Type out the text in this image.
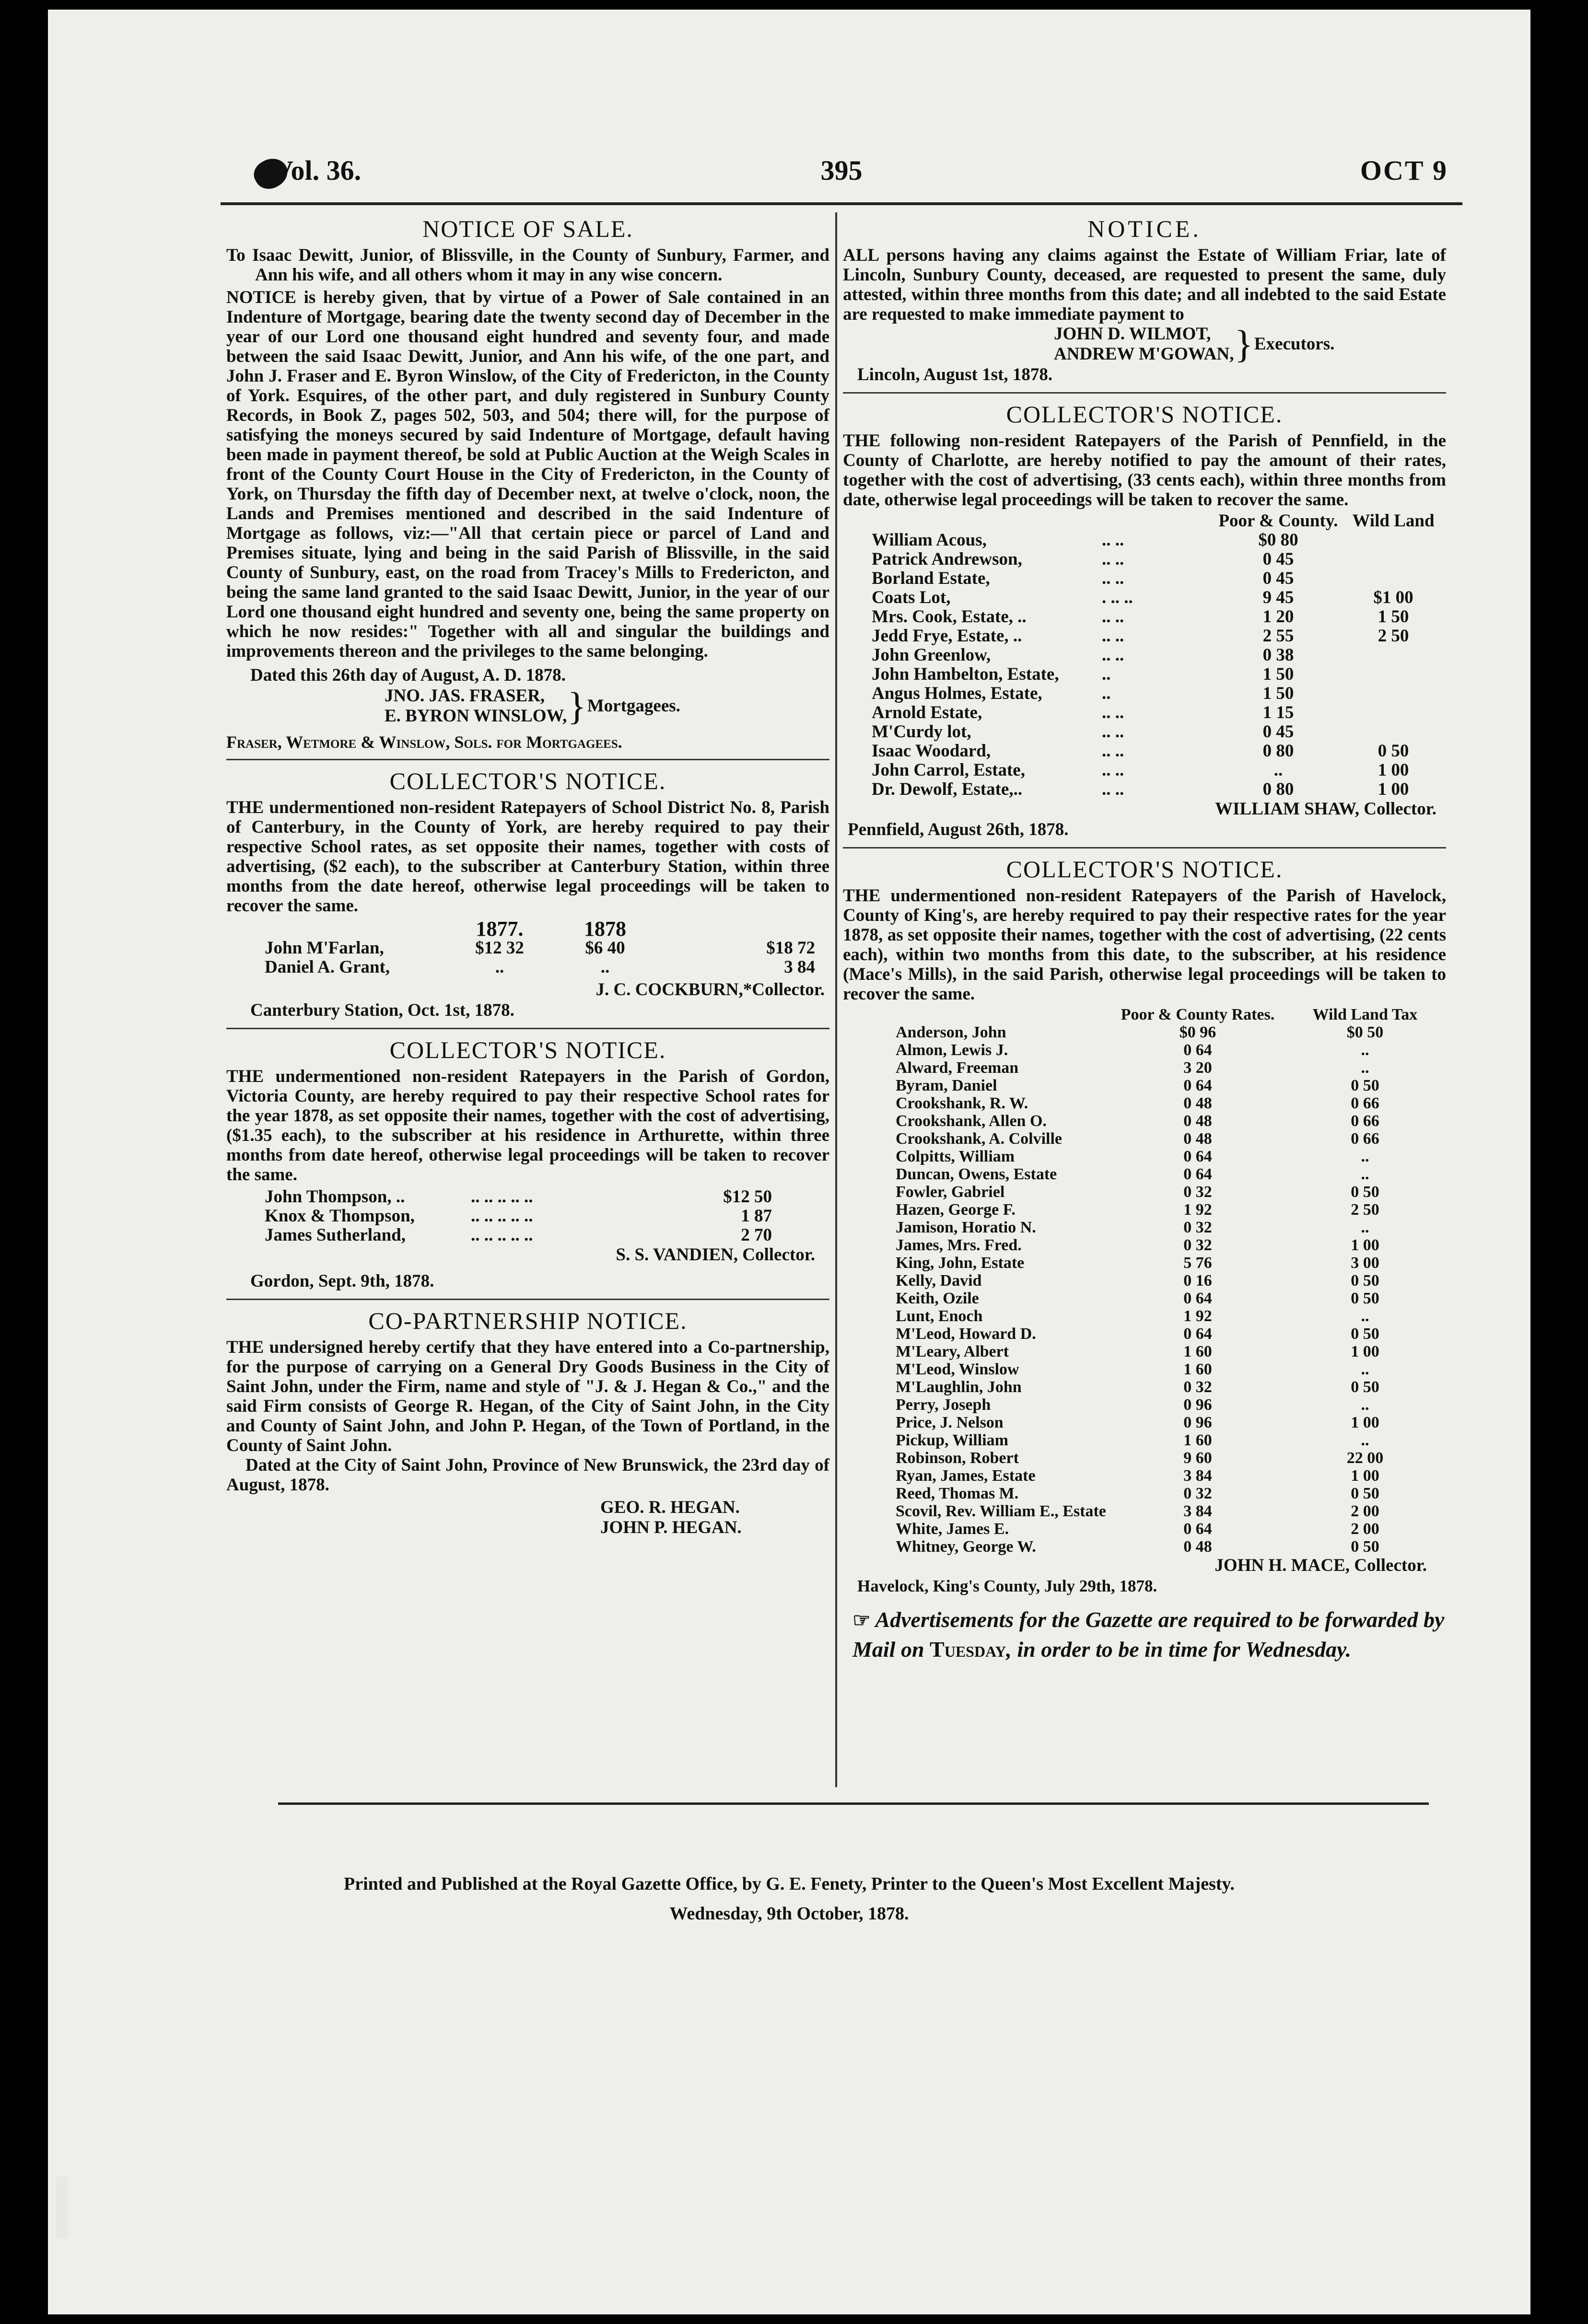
Vol. 36.	395	OCT 9
NOTICE OF SALE.

To Isaac Dewitt, Junior, of Blissville, in the County of Sunbury, Farmer, and Ann his wife, and all others whom it may in any wise concern.

NOTICE is hereby given, that by virtue of a Power of Sale contained in an Indenture of Mortgage, bearing date the twenty second day of December in the year of our Lord one thousand eight hundred and seventy four, and made between the said Isaac Dewitt, Junior, and Ann his wife, of the one part, and John J. Fraser and E. Byron Winslow, of the City of Fredericton, in the County of York. Esquires, of the other part, and duly registered in Sunbury County Records, in Book Z, pages 502, 503, and 504; there will, for the purpose of satisfying the moneys secured by said Indenture of Mortgage, default having been made in payment thereof, be sold at Public Auction at the Weigh Scales in front of the County Court House in the City of Fredericton, in the County of York, on Thursday the fifth day of December next, at twelve o'clock, noon, the Lands and Premises mentioned and described in the said Indenture of Mortgage as follows, viz:—"All that certain piece or parcel of Land and Premises situate, lying and being in the said Parish of Blissville, in the said County of Sunbury, east, on the road from Tracey's Mills to Fredericton, and being the same land granted to the said Isaac Dewitt, Junior, in the year of our Lord one thousand eight hundred and seventy one, being the same property on which he now resides:" Together with all and singular the buildings and improvements thereon and the privileges to the same belonging.

Dated this 26th day of August, A. D. 1878.
JNO. JAS. FRASER,
E. BYRON WINSLOW,	}	Mortgagees.
Fraser, Wetmore & Winslow, Sols. for Mortgagees.
COLLECTOR'S NOTICE.

THE undermentioned non-resident Ratepayers of School District No. 8, Parish of Canterbury, in the County of York, are hereby required to pay their respective School rates, as set opposite their names, together with costs of advertising, ($2 each), to the subscriber at Canterbury Station, within three months from the date hereof, otherwise legal proceedings will be taken to recover the same.

	1877.	1878	
John M'Farlan,	$12 32	$6 40	$18 72
Daniel A. Grant,	..	..	3 84
J. C. COCKBURN,*Collector.
Canterbury Station, Oct. 1st, 1878.
COLLECTOR'S NOTICE.

THE undermentioned non-resident Ratepayers in the Parish of Gordon, Victoria County, are hereby required to pay their respective School rates for the year 1878, as set opposite their names, together with the cost of advertising, ($1.35 each), to the subscriber at his residence in Arthurette, within three months from date hereof, otherwise legal proceedings will be taken to recover the same.

John Thompson, ..	.. .. .. .. ..	$12 50
Knox & Thompson,	.. .. .. .. ..	1 87
James Sutherland,	.. .. .. .. ..	2 70
S. S. VANDIEN, Collector.
Gordon, Sept. 9th, 1878.
CO-PARTNERSHIP NOTICE.

THE undersigned hereby certify that they have entered into a Co-partnership, for the purpose of carrying on a General Dry Goods Business in the City of Saint John, under the Firm, name and style of "J. & J. Hegan & Co.," and the said Firm consists of George R. Hegan, of the City of Saint John, in the City and County of Saint John, and John P. Hegan, of the Town of Portland, in the County of Saint John.

Dated at the City of Saint John, Province of New Brunswick, the 23rd day of August, 1878.

GEO. R. HEGAN.
JOHN P. HEGAN.
NOTICE.

ALL persons having any claims against the Estate of William Friar, late of Lincoln, Sunbury County, deceased, are requested to present the same, duly attested, within three months from this date; and all indebted to the said Estate are requested to make immediate payment to

JOHN D. WILMOT,
ANDREW M'GOWAN,	}	Executors.
Lincoln, August 1st, 1878.
COLLECTOR'S NOTICE.

THE following non-resident Ratepayers of the Parish of Pennfield, in the County of Charlotte, are hereby notified to pay the amount of their rates, together with the cost of advertising, (33 cents each), within three months from date, otherwise legal proceedings will be taken to recover the same.

		Poor & County.	Wild Land
William Acous,	.. ..	$0 80	
Patrick Andrewson,	.. ..	0 45	
Borland Estate,	.. ..	0 45	
Coats Lot,	. .. ..	9 45	$1 00
Mrs. Cook, Estate, ..	.. ..	1 20	1 50
Jedd Frye, Estate, ..	.. ..	2 55	2 50
John Greenlow,	.. ..	0 38	
John Hambelton, Estate,	..	1 50	
Angus Holmes, Estate,	..	1 50	
Arnold Estate,	.. ..	1 15	
M'Curdy lot,	.. ..	0 45	
Isaac Woodard,	.. ..	0 80	0 50
John Carrol, Estate,	.. ..	..	1 00
Dr. Dewolf, Estate,..	.. ..	0 80	1 00
WILLIAM SHAW, Collector.
Pennfield, August 26th, 1878.
COLLECTOR'S NOTICE.

THE undermentioned non-resident Ratepayers of the Parish of Havelock, County of King's, are hereby required to pay their respective rates for the year 1878, as set opposite their names, together with the cost of advertising, (22 cents each), within two months from this date, to the subscriber, at his residence (Mace's Mills), in the said Parish, otherwise legal proceedings will be taken to recover the same.

	Poor & County Rates.	Wild Land Tax
Anderson, John	$0 96	$0 50
Almon, Lewis J.	0 64	..
Alward, Freeman	3 20	..
Byram, Daniel	0 64	0 50
Crookshank, R. W.	0 48	0 66
Crookshank, Allen O.	0 48	0 66
Crookshank, A. Colville	0 48	0 66
Colpitts, William	0 64	..
Duncan, Owens, Estate	0 64	..
Fowler, Gabriel	0 32	0 50
Hazen, George F.	1 92	2 50
Jamison, Horatio N.	0 32	..
James, Mrs. Fred.	0 32	1 00
King, John, Estate	5 76	3 00
Kelly, David	0 16	0 50
Keith, Ozile	0 64	0 50
Lunt, Enoch	1 92	..
M'Leod, Howard D.	0 64	0 50
M'Leary, Albert	1 60	1 00
M'Leod, Winslow	1 60	..
M'Laughlin, John	0 32	0 50
Perry, Joseph	0 96	..
Price, J. Nelson	0 96	1 00
Pickup, William	1 60	..
Robinson, Robert	9 60	22 00
Ryan, James, Estate	3 84	1 00
Reed, Thomas M.	0 32	0 50
Scovil, Rev. William E., Estate	3 84	2 00
White, James E.	0 64	2 00
Whitney, George W.	0 48	0 50
JOHN H. MACE, Collector.
Havelock, King's County, July 29th, 1878.
☞ Advertisements for the Gazette are required to be forwarded by Mail on Tuesday, in order to be in time for Wednesday.
Printed and Published at the Royal Gazette Office, by G. E. Fenety, Printer to the Queen's Most Excellent Majesty.
Wednesday, 9th October, 1878.
